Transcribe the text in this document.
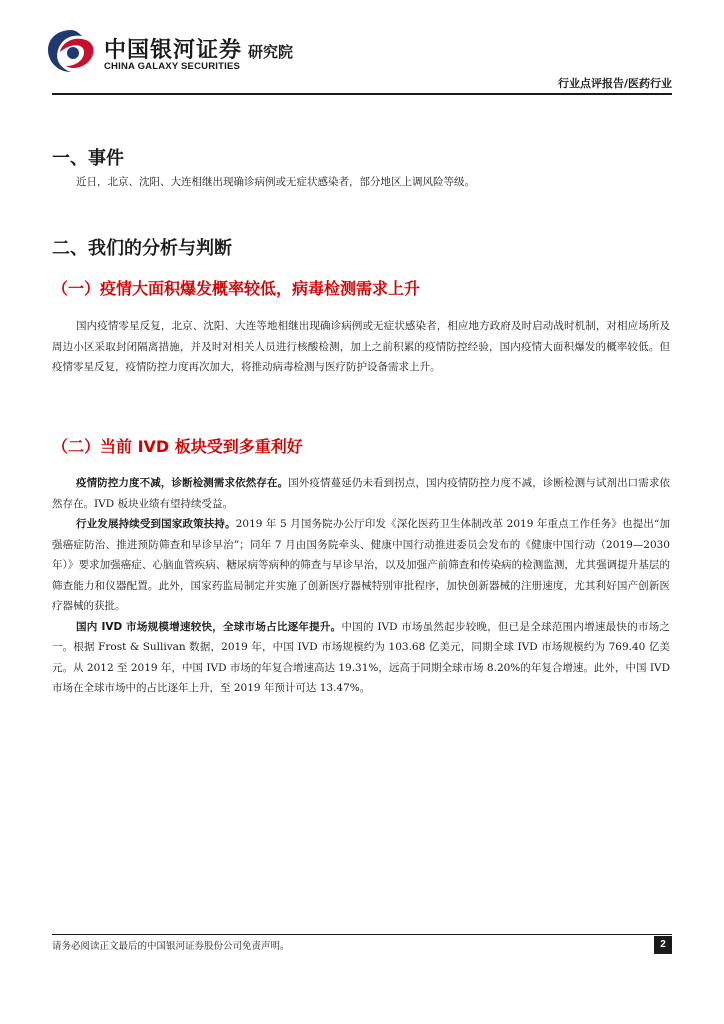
中国银河证券
CHINA GALAXY SECURITIES
研究院
行业点评报告/医药行业
一、事件

近日，北京、沈阳、大连相继出现确诊病例或无症状感染者，部分地区上调风险等级。

二、我们的分析与判断
（一）疫情大面积爆发概率较低，病毒检测需求上升

国内疫情零星反复，北京、沈阳、大连等地相继出现确诊病例或无症状感染者，相应地方政府及时启动战时机制，对相应场所及周边小区采取封闭隔离措施，并及时对相关人员进行核酸检测，加上之前积累的疫情防控经验，国内疫情大面积爆发的概率较低。但疫情零星反复，疫情防控力度再次加大，将推动病毒检测与医疗防护设备需求上升。

（二）当前 IVD 板块受到多重利好

疫情防控力度不减，诊断检测需求依然存在。国外疫情蔓延仍未看到拐点，国内疫情防控力度不减，诊断检测与试剂出口需求依然存在。IVD 板块业绩有望持续受益。

行业发展持续受到国家政策扶持。2019 年 5 月国务院办公厅印发《深化医药卫生体制改革 2019 年重点工作任务》也提出“加强癌症防治、推进预防筛查和早诊早治”；同年 7 月由国务院牵头、健康中国行动推进委员会发布的《健康中国行动（2019—2030 年）》要求加强癌症、心脑血管疾病、糖尿病等病种的筛查与早诊早治，以及加强产前筛查和传染病的检测监测，尤其强调提升基层的筛查能力和仪器配置。此外，国家药监局制定并实施了创新医疗器械特别审批程序，加快创新器械的注册速度，尤其利好国产创新医疗器械的获批。

国内 IVD 市场规模增速较快，全球市场占比逐年提升。中国的 IVD 市场虽然起步较晚，但已是全球范围内增速最快的市场之一。根据 Frost & Sullivan 数据，2019 年，中国 IVD 市场规模约为 103.68 亿美元，同期全球 IVD 市场规模约为 769.40 亿美元。从 2012 至 2019 年，中国 IVD 市场的年复合增速高达 19.31%，远高于同期全球市场 8.20%的年复合增速。此外，中国 IVD 市场在全球市场中的占比逐年上升，至 2019 年预计可达 13.47%。

请务必阅读正文最后的中国银河证券股份公司免责声明。	2
